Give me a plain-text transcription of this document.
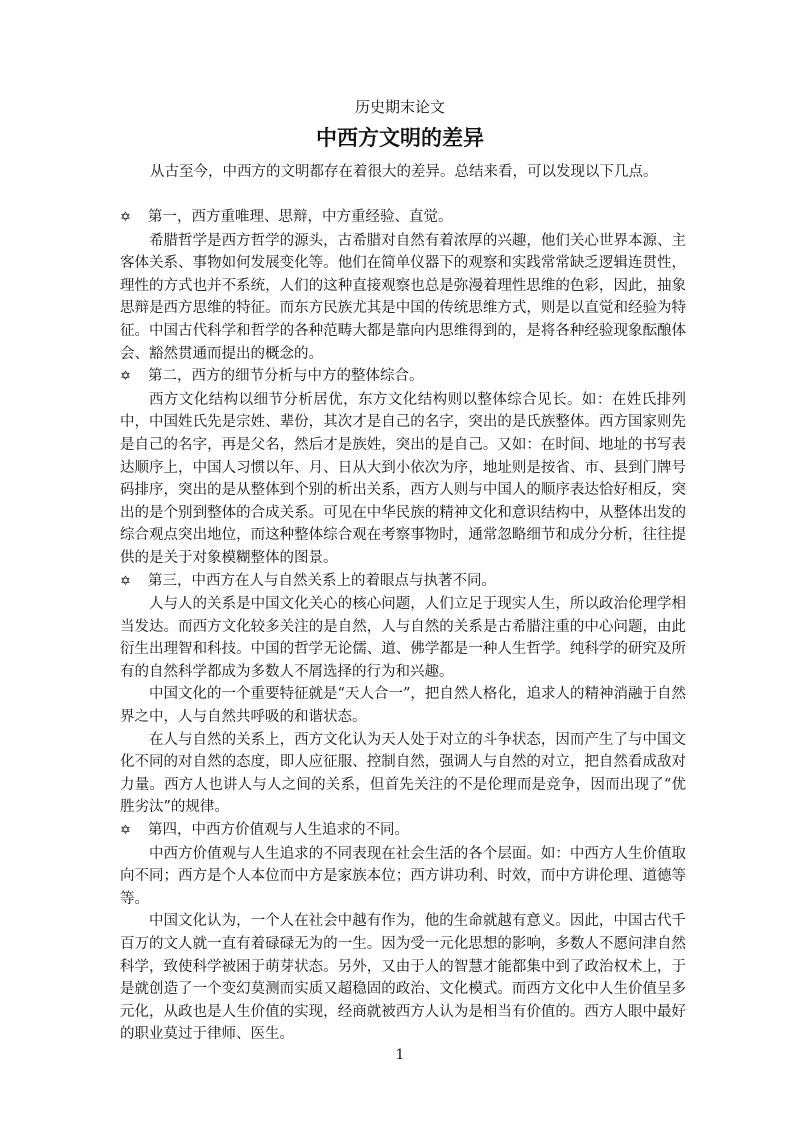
历史期末论文
中西方文明的差异
从古至今，中西方的文明都存在着很大的差异。总结来看，可以发现以下几点。
✡ 第一，西方重唯理、思辩，中方重经验、直觉。

希腊哲学是西方哲学的源头，古希腊对自然有着浓厚的兴趣，他们关心世界本源、主客体关系、事物如何发展变化等。他们在简单仪器下的观察和实践常常缺乏逻辑连贯性，理性的方式也并不系统，人们的这种直接观察也总是弥漫着理性思维的色彩，因此，抽象思辩是西方思维的特征。而东方民族尤其是中国的传统思维方式，则是以直觉和经验为特征。中国古代科学和哲学的各种范畴大都是靠向内思维得到的，是将各种经验现象酝酿体会、豁然贯通而提出的概念的。

✡ 第二，西方的细节分析与中方的整体综合。

西方文化结构以细节分析居优，东方文化结构则以整体综合见长。如：在姓氏排列中，中国姓氏先是宗姓、辈份，其次才是自己的名字，突出的是氏族整体。西方国家则先是自己的名字，再是父名，然后才是族姓，突出的是自己。又如：在时间、地址的书写表达顺序上，中国人习惯以年、月、日从大到小依次为序，地址则是按省、市、县到门牌号码排序，突出的是从整体到个别的析出关系，西方人则与中国人的顺序表达恰好相反，突出的是个别到整体的合成关系。可见在中华民族的精神文化和意识结构中，从整体出发的综合观点突出地位，而这种整体综合观在考察事物时，通常忽略细节和成分分析，往往提供的是关于对象模糊整体的图景。

✡ 第三，中西方在人与自然关系上的着眼点与执著不同。

人与人的关系是中国文化关心的核心问题，人们立足于现实人生，所以政治伦理学相当发达。而西方文化较多关注的是自然，人与自然的关系是古希腊注重的中心问题，由此衍生出理智和科技。中国的哲学无论儒、道、佛学都是一种人生哲学。纯科学的研究及所有的自然科学都成为多数人不屑选择的行为和兴趣。

中国文化的一个重要特征就是“天人合一”，把自然人格化，追求人的精神消融于自然界之中，人与自然共呼吸的和谐状态。

在人与自然的关系上，西方文化认为天人处于对立的斗争状态，因而产生了与中国文化不同的对自然的态度，即人应征服、控制自然，强调人与自然的对立，把自然看成敌对力量。西方人也讲人与人之间的关系，但首先关注的不是伦理而是竞争，因而出现了“优胜劣汰”的规律。

✡ 第四，中西方价值观与人生追求的不同。

中西方价值观与人生追求的不同表现在社会生活的各个层面。如：中西方人生价值取向不同；西方是个人本位而中方是家族本位；西方讲功利、时效，而中方讲伦理、道德等等。

中国文化认为，一个人在社会中越有作为，他的生命就越有意义。因此，中国古代千百万的文人就一直有着碌碌无为的一生。因为受一元化思想的影响，多数人不愿问津自然科学，致使科学被困于萌芽状态。另外，又由于人的智慧才能都集中到了政治权术上，于是就创造了一个变幻莫测而实质又超稳固的政治、文化模式。而西方文化中人生价值呈多元化，从政也是人生价值的实现，经商就被西方人认为是相当有价值的。西方人眼中最好的职业莫过于律师、医生。

1
